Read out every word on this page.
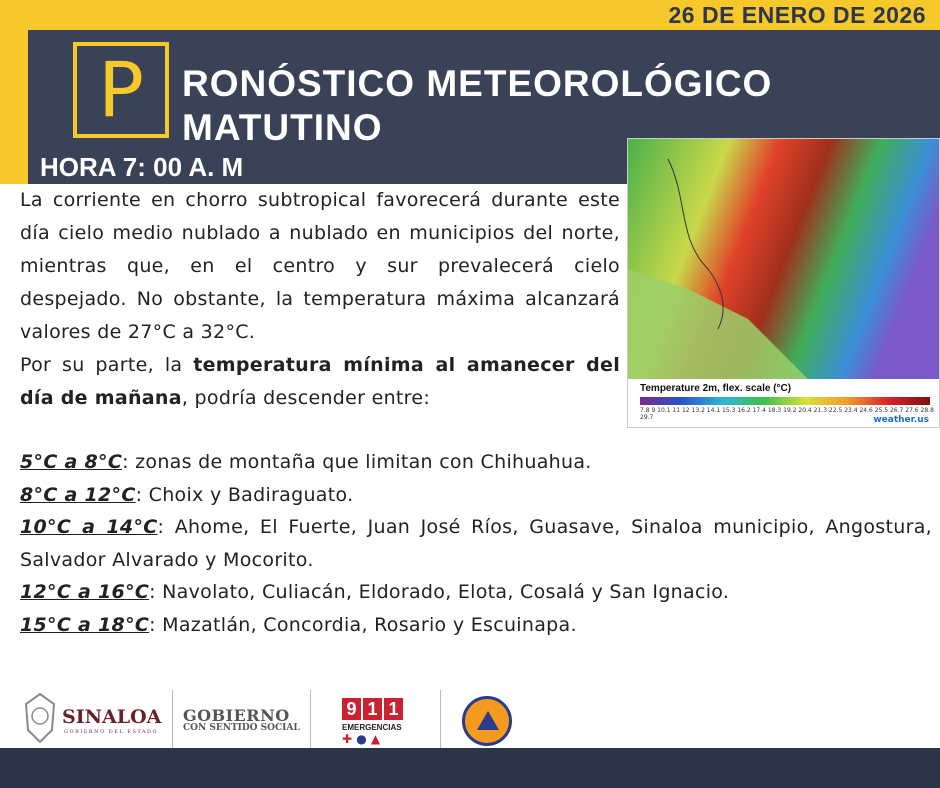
26 DE ENERO DE 2026
P	RONÓSTICO METEOROLÓGICO
MATUTINO
HORA 7: 00 A. M
Temperature 2m, flex. scale (°C)
7.8 9 10.1 11 12 13.2 14.1 15.3 16.2 17.4 18.3 19.2 20.4 21.3 22.5 23.4 24.6 25.5 26.7 27.6 28.8 29.7	weather.us
La corriente en chorro subtropical favorecerá durante este día cielo medio nublado a nublado en municipios del norte, mientras que, en el centro y sur prevalecerá cielo despejado. No obstante, la temperatura máxima alcanzará valores de 27°C a 32°C.
Por su parte, la temperatura mínima al amanecer del día de mañana, podría descender entre:
5°C a 8°C: zonas de montaña que limitan con Chihuahua.
8°C a 12°C: Choix y Badiraguato.
10°C a 14°C: Ahome, El Fuerte, Juan José Ríos, Guasave, Sinaloa municipio, Angostura, Salvador Alvarado y Mocorito.
12°C a 16°C: Navolato, Culiacán, Eldorado, Elota, Cosalá y San Ignacio.
15°C a 18°C: Mazatlán, Concordia, Rosario y Escuinapa.
SINALOA
GOBIERNO DEL ESTADO
GOBIERNO
CON SENTIDO SOCIAL
9 1 1
EMERGENCIAS
✚ ● ▲
